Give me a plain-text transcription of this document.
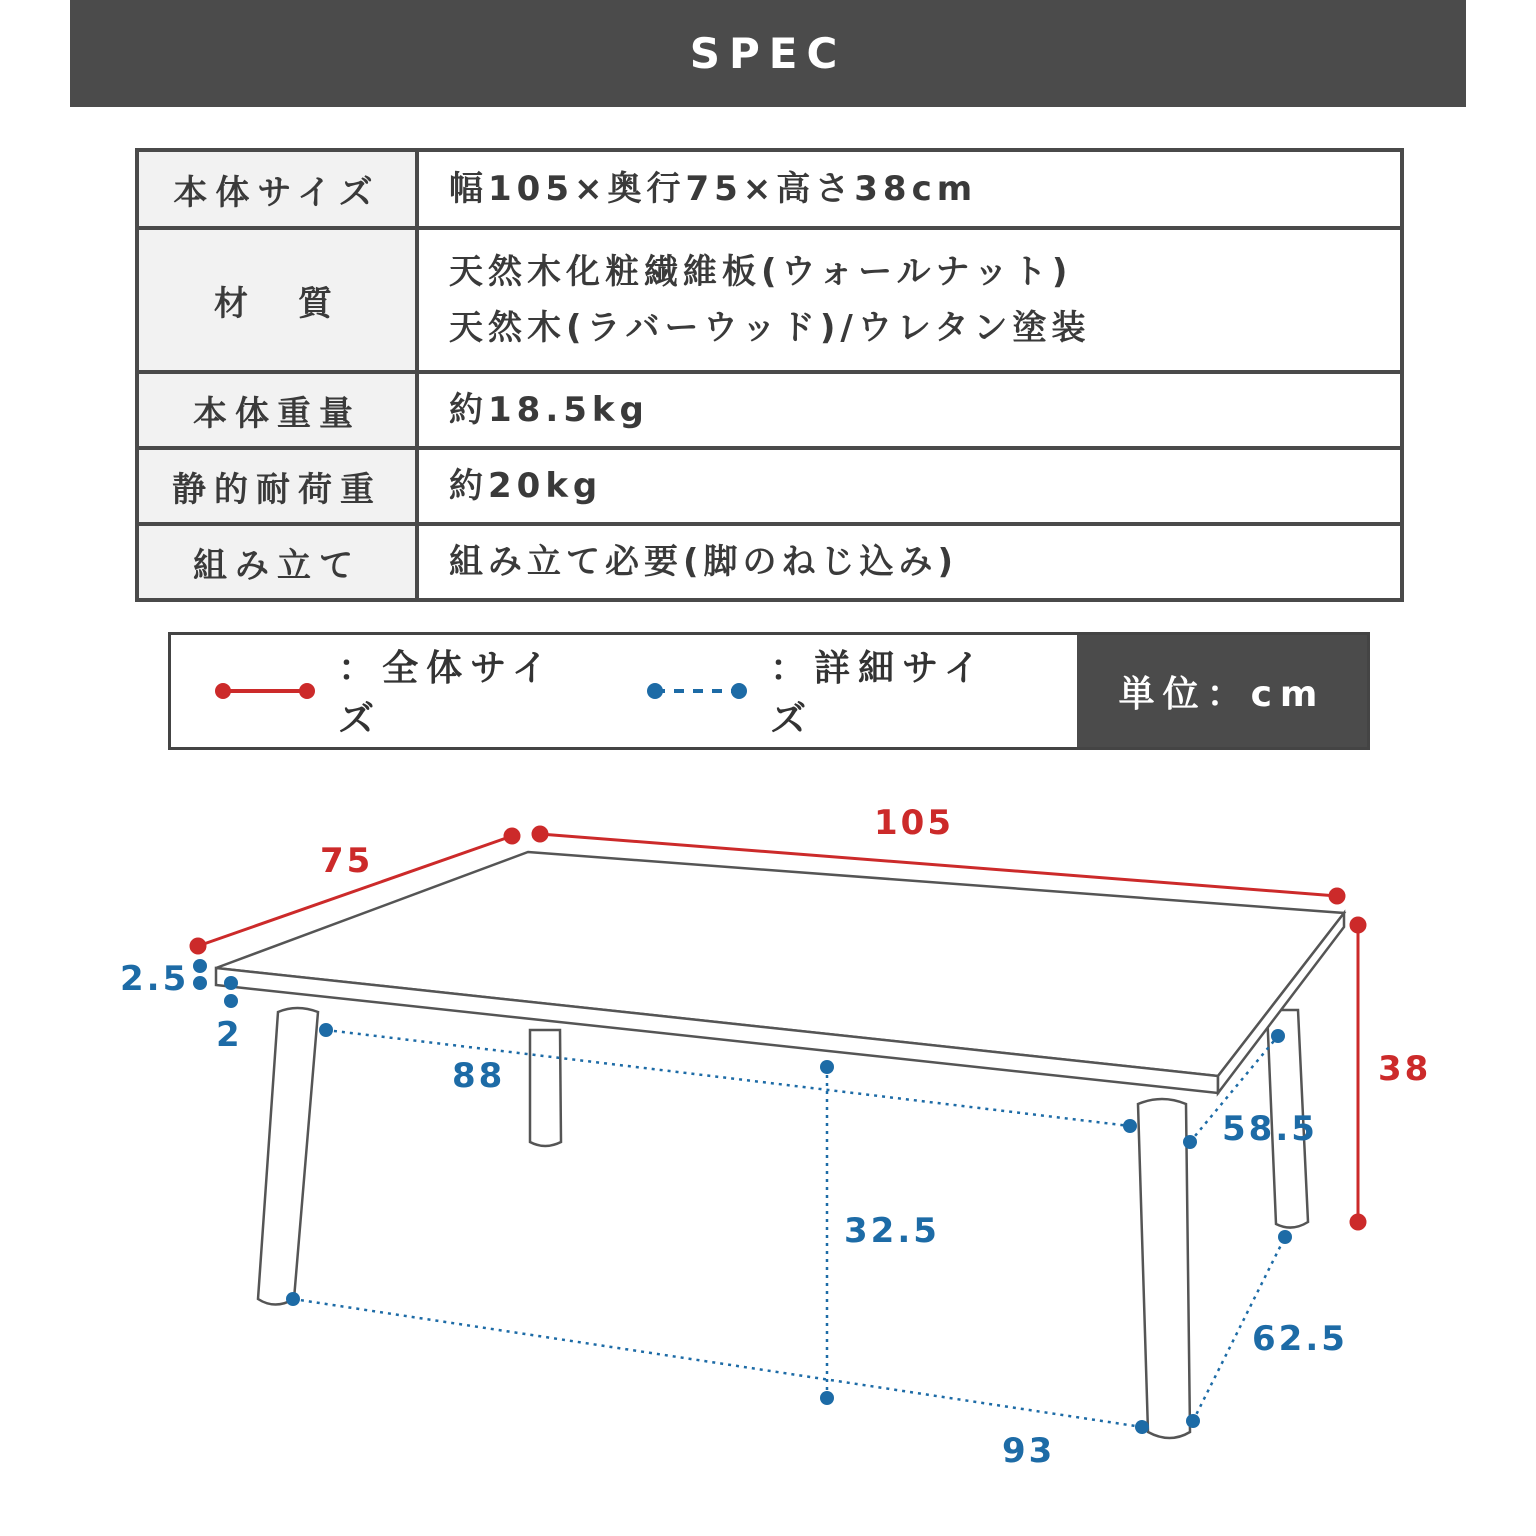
SPEC
本体サイズ	幅105×奥行75×高さ38cm

材　質	天然木化粧繊維板(ウォールナット)
天然木(ラバーウッド)/ウレタン塗装

本体重量	約18.5kg

静的耐荷重	約20kg

組み立て	組み立て必要(脚のねじ込み)
：全体サイズ
：詳細サイズ
単位：cm
75
105
38
2.5
2
88
58.5
32.5
62.5
93
